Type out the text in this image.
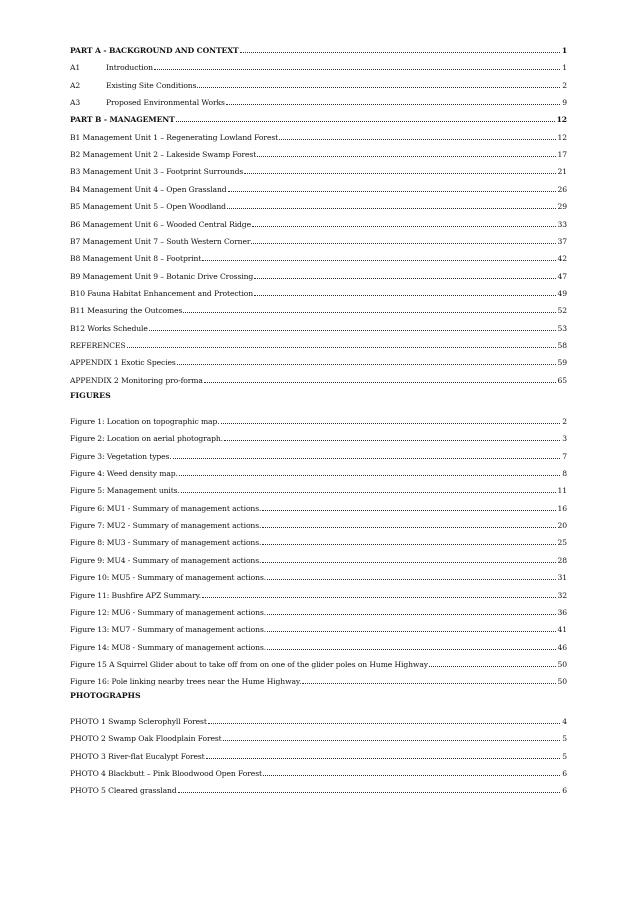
PART A - BACKGROUND AND CONTEXT	1
A1	Introduction	1
A2	Existing Site Conditions	2
A3	Proposed Environmental Works	9
PART B - MANAGEMENT	12
B1 Management Unit 1 – Regenerating Lowland Forest	12
B2 Management Unit 2 – Lakeside Swamp Forest	17
B3 Management Unit 3 – Footprint Surrounds	21
B4 Management Unit 4 – Open Grassland	26
B5 Management Unit 5 – Open Woodland	29
B6 Management Unit 6 – Wooded Central Ridge	33
B7 Management Unit 7 – South Western Corner	37
B8 Management Unit 8 – Footprint	42
B9 Management Unit 9 – Botanic Drive Crossing	47
B10 Fauna Habitat Enhancement and Protection	49
B11 Measuring the Outcomes	52
B12 Works Schedule	53
REFERENCES	58
APPENDIX 1 Exotic Species	59
APPENDIX 2 Monitoring pro-forma	65
FIGURES
Figure 1: Location on topographic map.	2
Figure 2: Location on aerial photograph.	3
Figure 3: Vegetation types.	7
Figure 4: Weed density map.	8
Figure 5: Management units.	11
Figure 6: MU1 - Summary of management actions.	16
Figure 7: MU2 - Summary of management actions.	20
Figure 8: MU3 - Summary of management actions.	25
Figure 9: MU4 - Summary of management actions.	28
Figure 10: MU5 - Summary of management actions.	31
Figure 11: Bushfire APZ Summary.	32
Figure 12: MU6 - Summary of management actions.	36
Figure 13: MU7 - Summary of management actions.	41
Figure 14: MU8 - Summary of management actions.	46
Figure 15 A Squirrel Glider about to take off from on one of the glider poles on Hume Highway	50
Figure 16: Pole linking nearby trees near the Hume Highway.	50
PHOTOGRAPHS
PHOTO 1 Swamp Sclerophyll Forest	4
PHOTO 2 Swamp Oak Floodplain Forest	5
PHOTO 3 River-flat Eucalypt Forest	5
PHOTO 4 Blackbutt – Pink Bloodwood Open Forest	6
PHOTO 5 Cleared grassland	6
